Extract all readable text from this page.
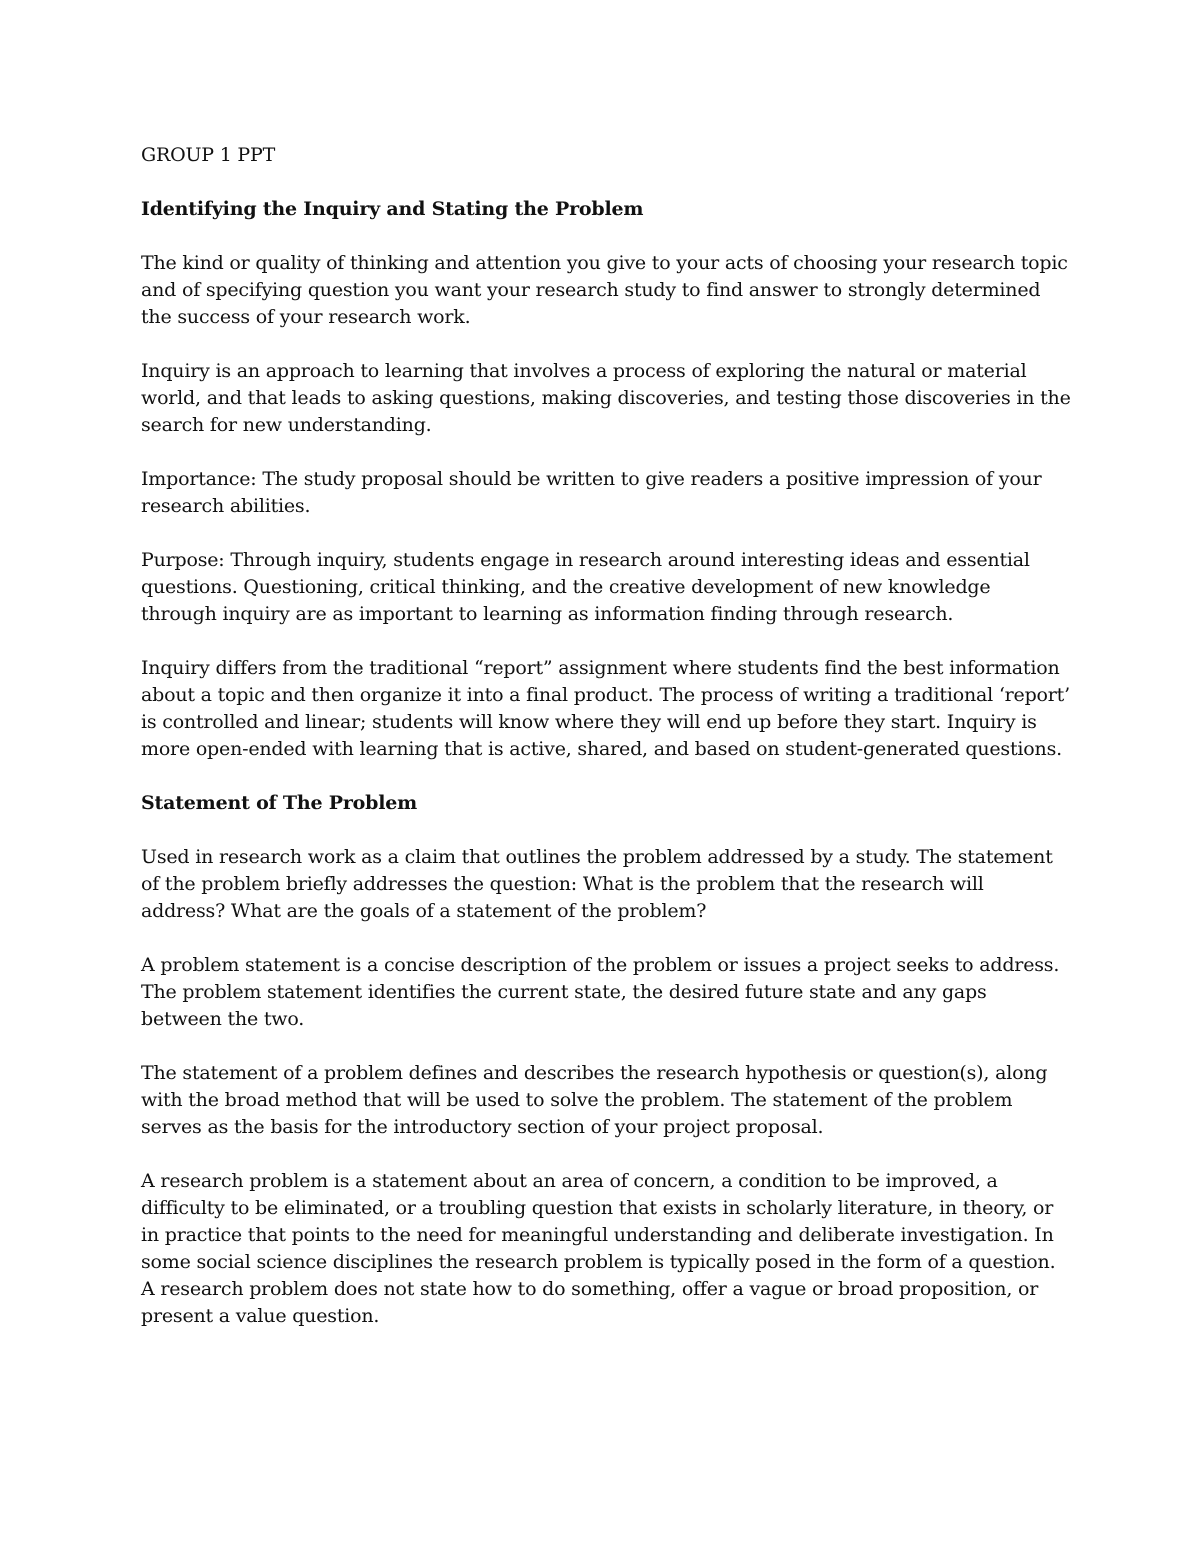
GROUP 1 PPT

Identifying the Inquiry and Stating the Problem

The kind or quality of thinking and attention you give to your acts of choosing your research topic and of specifying question you want your research study to find answer to strongly determined the success of your research work.

Inquiry is an approach to learning that involves a process of exploring the natural or material world, and that leads to asking questions, making discoveries, and testing those discoveries in the search for new understanding.

Importance: The study proposal should be written to give readers a positive impression of your research abilities.

Purpose: Through inquiry, students engage in research around interesting ideas and essential questions. Questioning, critical thinking, and the creative development of new knowledge through inquiry are as important to learning as information finding through research.

Inquiry differs from the traditional “report” assignment where students find the best information about a topic and then organize it into a final product. The process of writing a traditional ‘report’ is controlled and linear; students will know where they will end up before they start. Inquiry is more open-ended with learning that is active, shared, and based on student-generated questions.

Statement of The Problem

Used in research work as a claim that outlines the problem addressed by a study. The statement of the problem briefly addresses the question: What is the problem that the research will address? What are the goals of a statement of the problem?

A problem statement is a concise description of the problem or issues a project seeks to address. The problem statement identifies the current state, the desired future state and any gaps between the two.

The statement of a problem defines and describes the research hypothesis or question(s), along with the broad method that will be used to solve the problem. The statement of the problem serves as the basis for the introductory section of your project proposal.

A research problem is a statement about an area of concern, a condition to be improved, a difficulty to be eliminated, or a troubling question that exists in scholarly literature, in theory, or in practice that points to the need for meaningful understanding and deliberate investigation. In some social science disciplines the research problem is typically posed in the form of a question. A research problem does not state how to do something, offer a vague or broad proposition, or present a value question.
